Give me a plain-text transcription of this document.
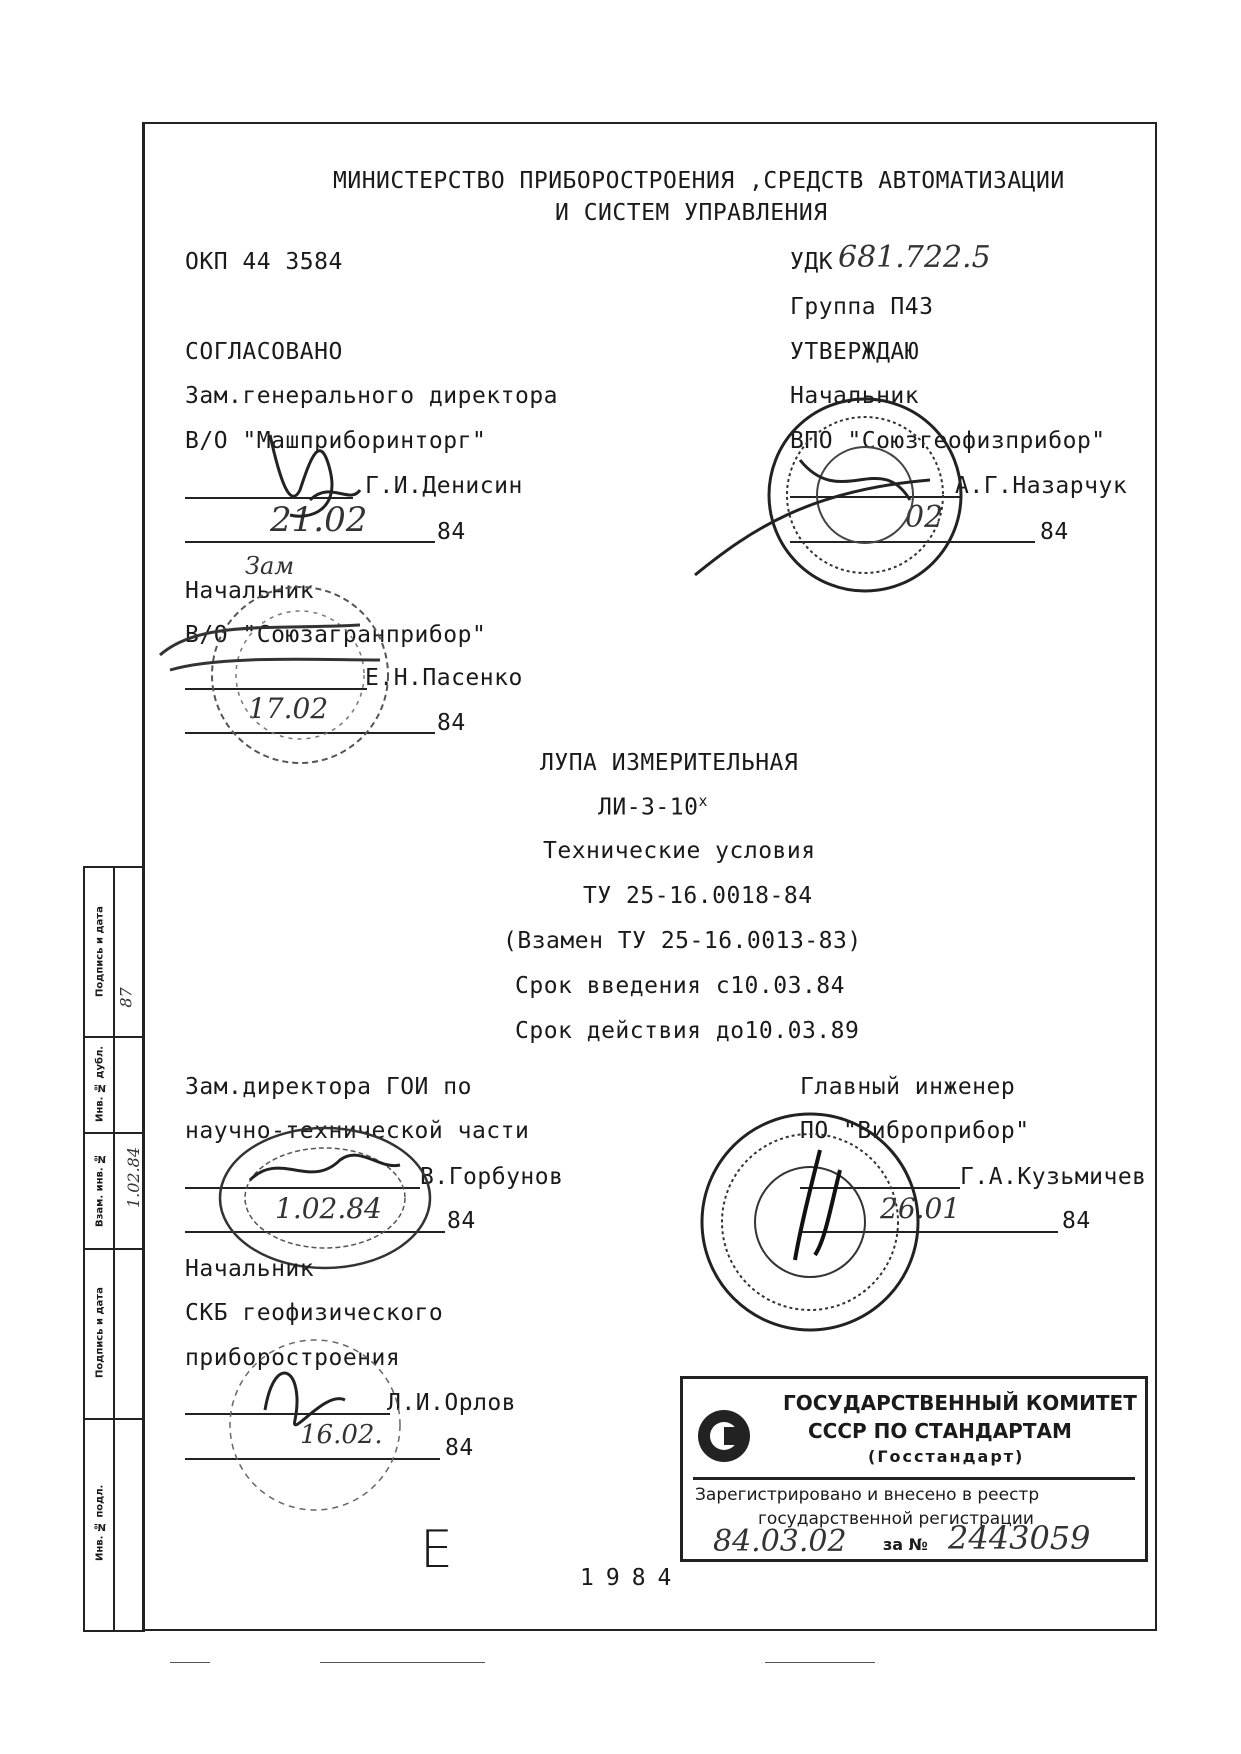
Подпись и дата
Инв. № дубл.
Взам. инв. №
Подпись и дата
Инв. № подл.
87
1.02.84
МИНИСТЕРСТВО ПРИБОРОСТРОЕНИЯ ,СРЕДСТВ АВТОМАТИЗАЦИИ
И СИСТЕМ УПРАВЛЕНИЯ
ОКП 44 3584	УДК 681.722.5
Группа П43
СОГЛАСОВАНО
Зам.генерального директора
В/О "Машприборинторг"
Г.И.Денисин
21.02	84
Зам
Начальник
В/О "Союзагранприбор"
Е.Н.Пасенко
17.02	84
УТВЕРЖДАЮ
Начальник
ВПО "Союзгеофизприбор"
А.Г.Назарчук
02	84
ЛУПА ИЗМЕРИТЕЛЬНАЯ
ЛИ-3-10$^x$
Технические условия
ТУ 25-16.0018-84
(Взамен ТУ 25-16.0013-83)
Срок введения с10.03.84
Срок действия до10.03.89
Зам.директора ГОИ по
научно-технической части
В.Горбунов
1.02.84	84
Начальник
СКБ геофизического
приборостроения
Л.И.Орлов
16.02.	84
Главный инженер
ПО "Виброприбор"
Г.А.Кузьмичев
26.01	84
Е	1984
ГОСУДАРСТВЕННЫЙ КОМИТЕТ
СССР ПО СТАНДАРТАМ
(Госстандарт)
Зарегистрировано и внесено в реестр
государственной регистрации
84.03.02 за № 2443059
